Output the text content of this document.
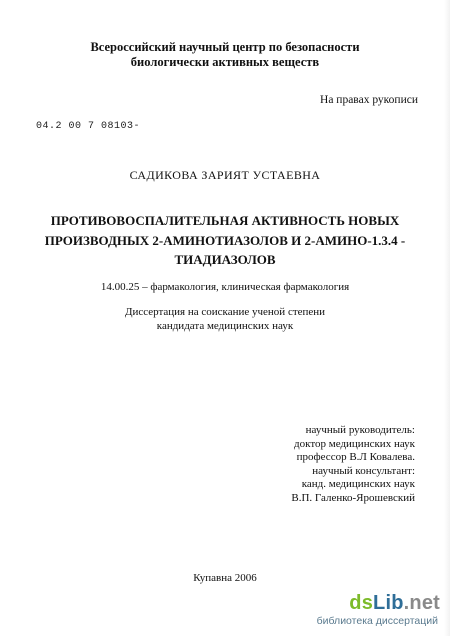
Всероссийский научный центр по безопасности
биологически активных веществ
На правах рукописи
04.2 00 7 08103-
САДИКОВА ЗАРИЯТ УСТАЕВНА
ПРОТИВОВОСПАЛИТЕЛЬНАЯ АКТИВНОСТЬ НОВЫХ
ПРОИЗВОДНЫХ 2-АМИНОТИАЗОЛОВ И 2-АМИНО-1.3.4 -
ТИАДИАЗОЛОВ
14.00.25 – фармакология, клиническая фармакология
Диссертация на соискание ученой степени
кандидата медицинских наук
научный руководитель:
доктор медицинских наук
профессор В.Л Ковалева.
научный консультант:
канд. медицинских наук
В.П. Галенко-Ярошевский
Купавна 2006
dsLib.net
библиотека диссертаций
